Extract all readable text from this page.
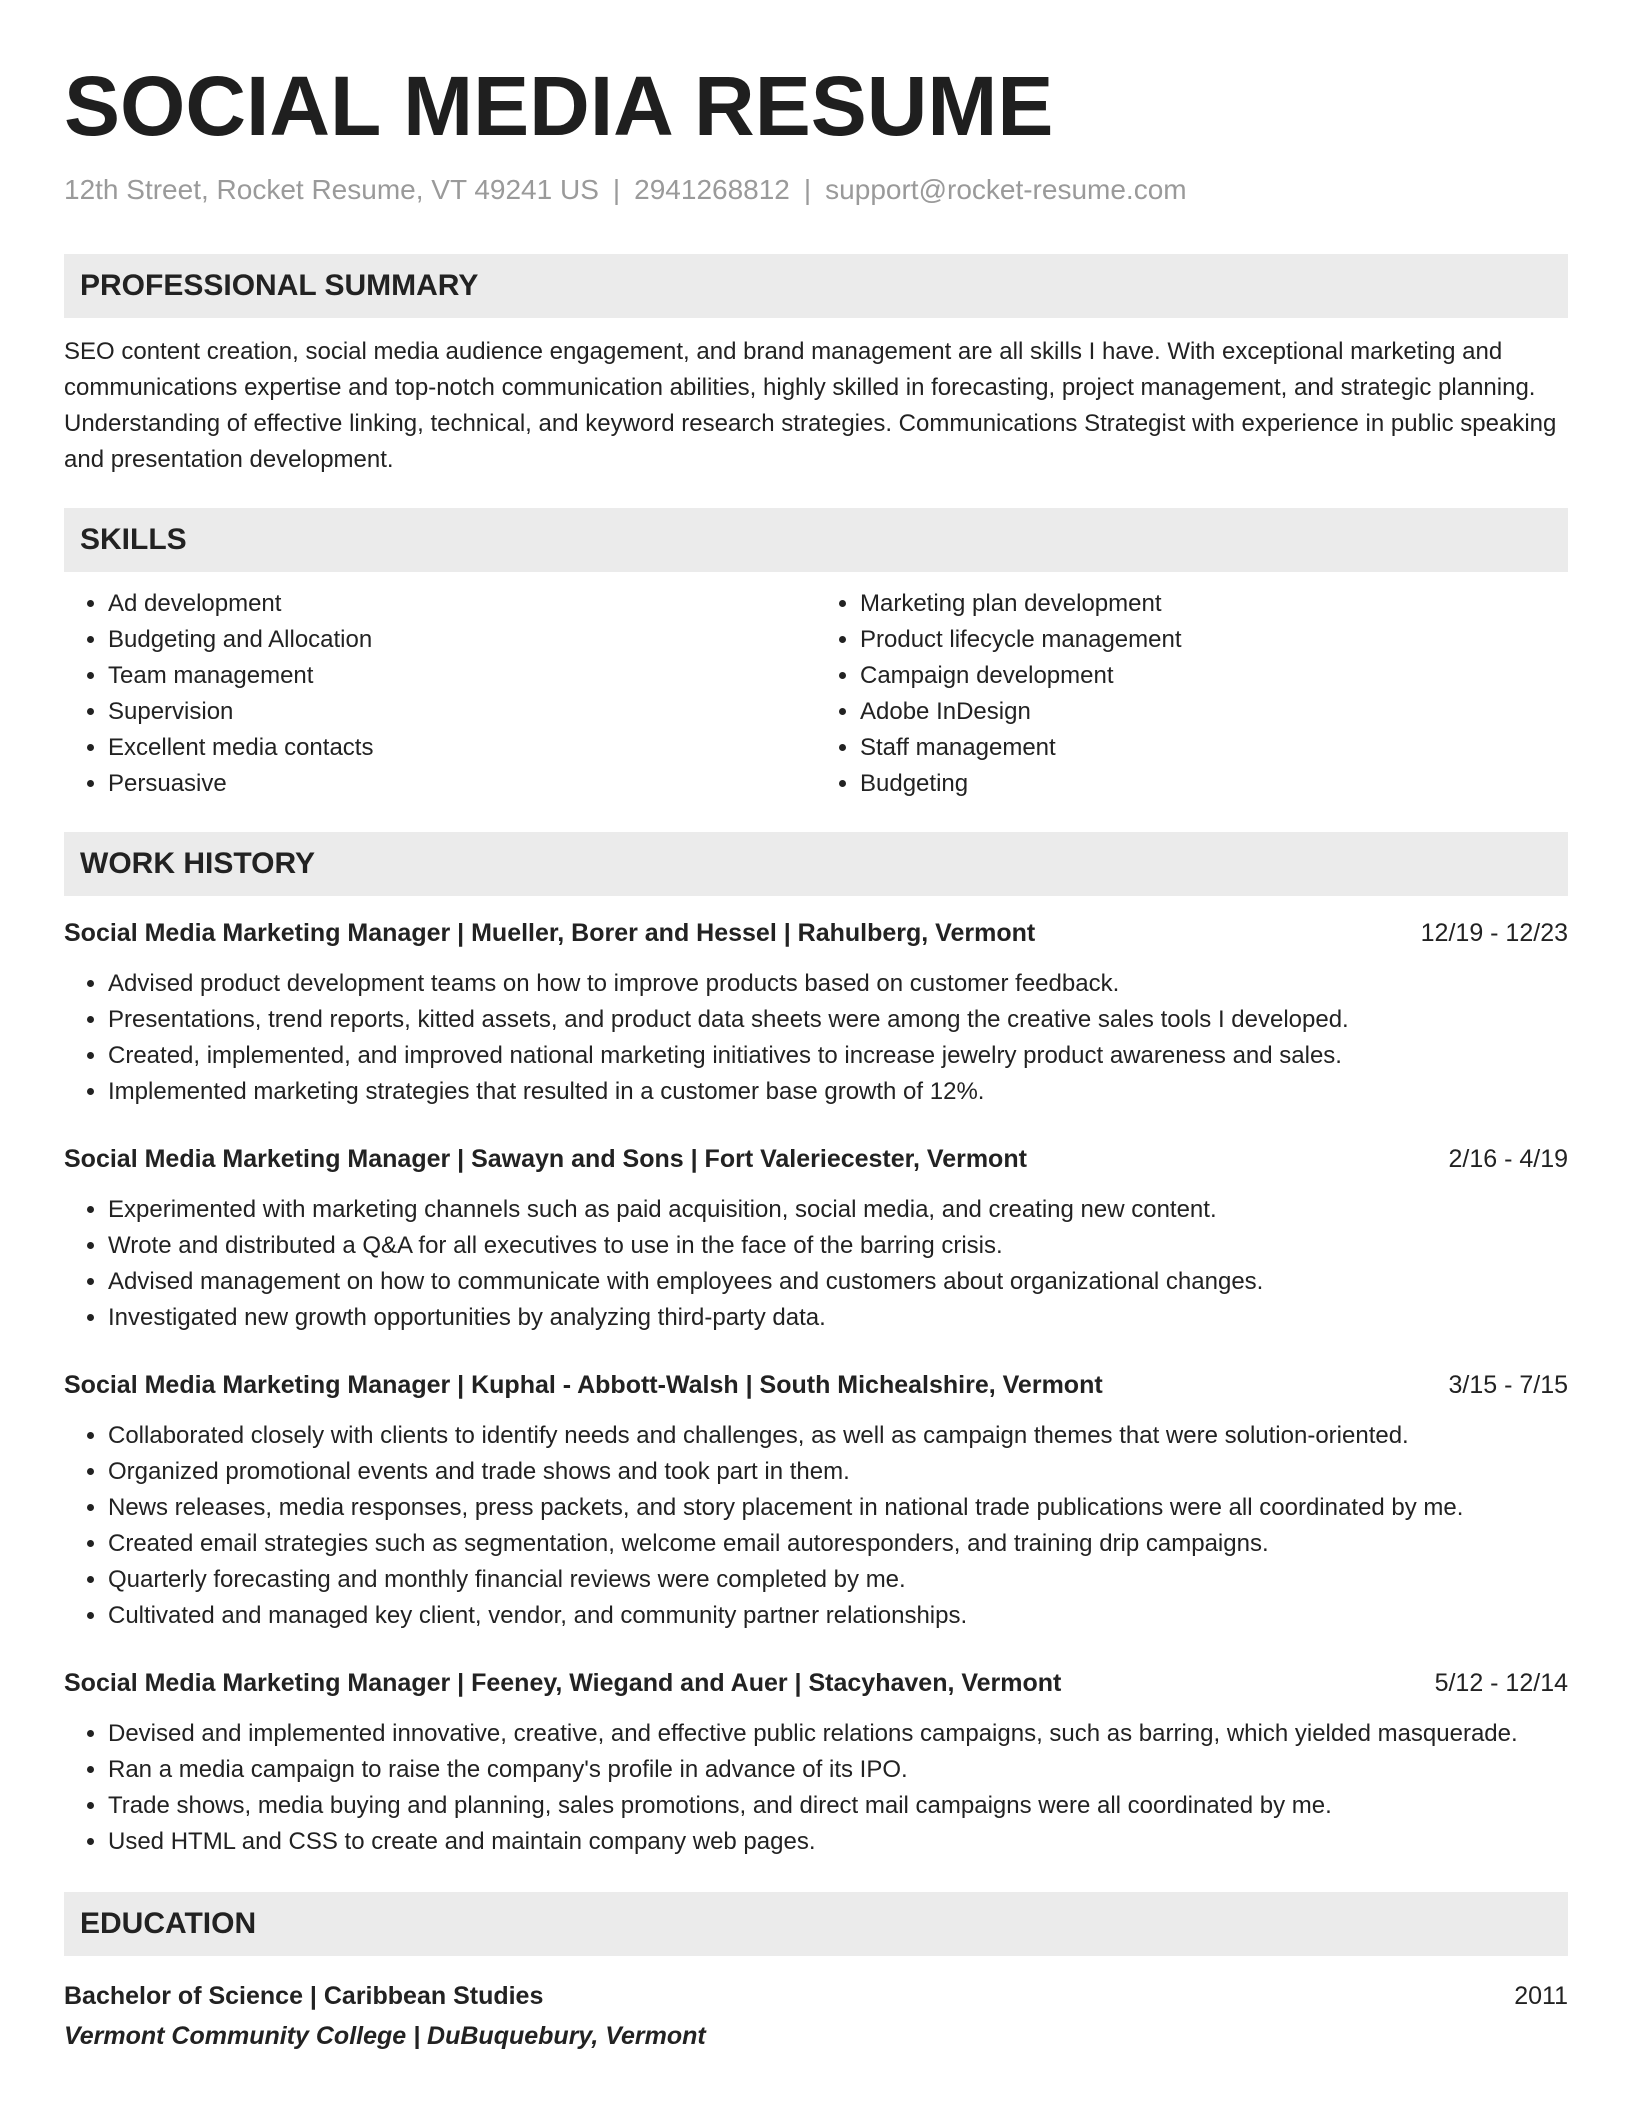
SOCIAL MEDIA RESUME
12th Street, Rocket Resume, VT 49241 US | 2941268812 | support@rocket-resume.com
PROFESSIONAL SUMMARY
SEO content creation, social media audience engagement, and brand management are all skills I have. With exceptional marketing and communications expertise and top-notch communication abilities, highly skilled in forecasting, project management, and strategic planning. Understanding of effective linking, technical, and keyword research strategies. Communications Strategist with experience in public speaking and presentation development.
SKILLS
• Ad development
• Budgeting and Allocation
• Team management
• Supervision
• Excellent media contacts
• Persuasive
• Marketing plan development
• Product lifecycle management
• Campaign development
• Adobe InDesign
• Staff management
• Budgeting
WORK HISTORY
Social Media Marketing Manager | Mueller, Borer and Hessel | Rahulberg, Vermont	12/19 - 12/23
• Advised product development teams on how to improve products based on customer feedback.
• Presentations, trend reports, kitted assets, and product data sheets were among the creative sales tools I developed.
• Created, implemented, and improved national marketing initiatives to increase jewelry product awareness and sales.
• Implemented marketing strategies that resulted in a customer base growth of 12%.
Social Media Marketing Manager | Sawayn and Sons | Fort Valeriecester, Vermont	2/16 - 4/19
• Experimented with marketing channels such as paid acquisition, social media, and creating new content.
• Wrote and distributed a Q&A for all executives to use in the face of the barring crisis.
• Advised management on how to communicate with employees and customers about organizational changes.
• Investigated new growth opportunities by analyzing third-party data.
Social Media Marketing Manager | Kuphal - Abbott-Walsh | South Michealshire, Vermont	3/15 - 7/15
• Collaborated closely with clients to identify needs and challenges, as well as campaign themes that were solution-oriented.
• Organized promotional events and trade shows and took part in them.
• News releases, media responses, press packets, and story placement in national trade publications were all coordinated by me.
• Created email strategies such as segmentation, welcome email autoresponders, and training drip campaigns.
• Quarterly forecasting and monthly financial reviews were completed by me.
• Cultivated and managed key client, vendor, and community partner relationships.
Social Media Marketing Manager | Feeney, Wiegand and Auer | Stacyhaven, Vermont	5/12 - 12/14
• Devised and implemented innovative, creative, and effective public relations campaigns, such as barring, which yielded masquerade.
• Ran a media campaign to raise the company's profile in advance of its IPO.
• Trade shows, media buying and planning, sales promotions, and direct mail campaigns were all coordinated by me.
• Used HTML and CSS to create and maintain company web pages.
EDUCATION
Bachelor of Science | Caribbean Studies	2011
Vermont Community College | DuBuquebury, Vermont
